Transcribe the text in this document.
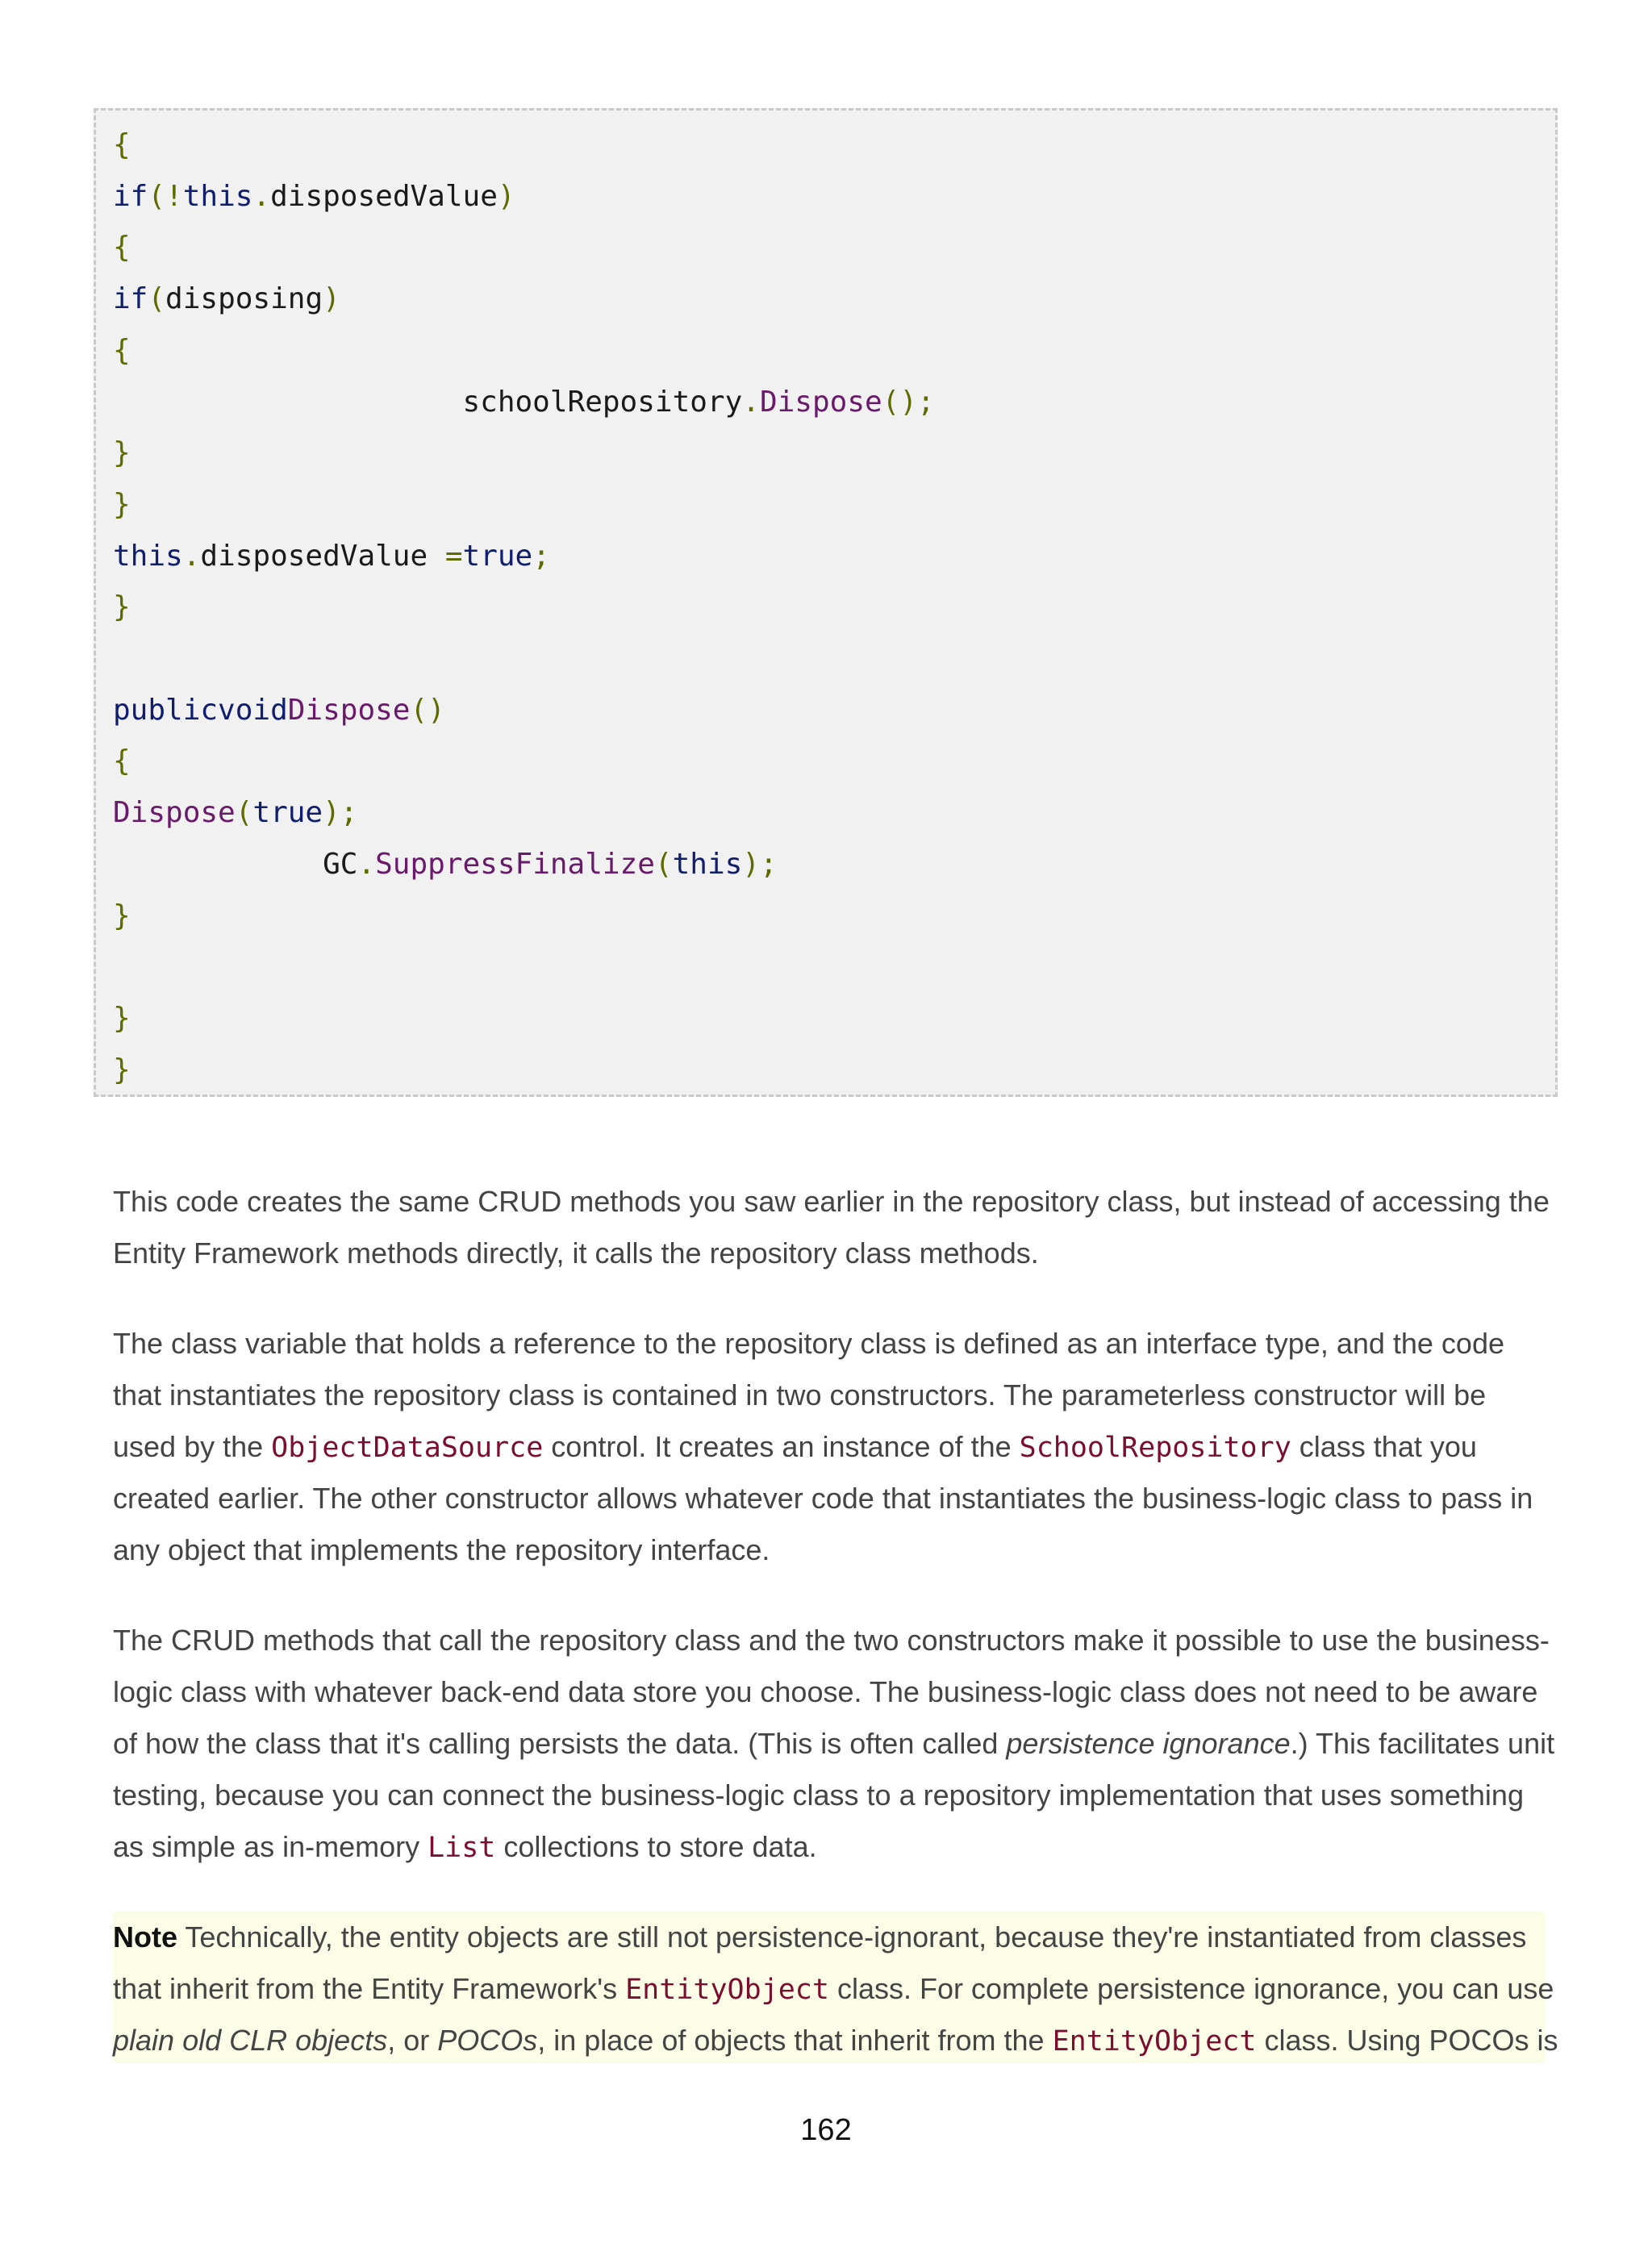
{
if(!this.disposedValue)
{
if(disposing)
{
schoolRepository.Dispose();
}
}
this.disposedValue =true;
}
publicvoidDispose()
{
Dispose(true);
GC.SuppressFinalize(this);
}
}
}
This code creates the same CRUD methods you saw earlier in the repository class, but instead of accessing the
Entity Framework methods directly, it calls the repository class methods.
The class variable that holds a reference to the repository class is defined as an interface type, and the code
that instantiates the repository class is contained in two constructors. The parameterless constructor will be
used by the ObjectDataSource control. It creates an instance of the SchoolRepository class that you
created earlier. The other constructor allows whatever code that instantiates the business-logic class to pass in
any object that implements the repository interface.
The CRUD methods that call the repository class and the two constructors make it possible to use the business-
logic class with whatever back-end data store you choose. The business-logic class does not need to be aware
of how the class that it's calling persists the data. (This is often called persistence ignorance.) This facilitates unit
testing, because you can connect the business-logic class to a repository implementation that uses something
as simple as in-memory List collections to store data.
Note Technically, the entity objects are still not persistence-ignorant, because they're instantiated from classes
that inherit from the Entity Framework's EntityObject class. For complete persistence ignorance, you can use
plain old CLR objects, or POCOs, in place of objects that inherit from the EntityObject class. Using POCOs is
162
